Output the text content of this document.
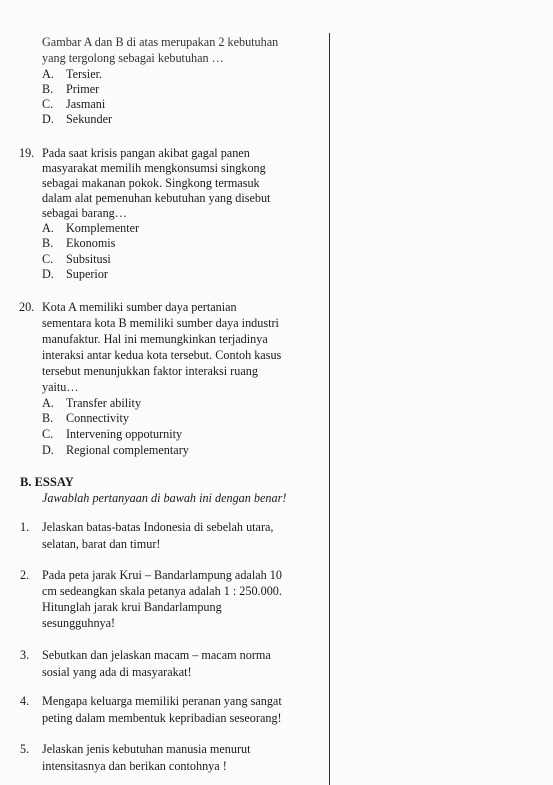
Gambar A dan B di atas merupakan 2 kebutuhan
yang tergolong sebagai kebutuhan …
A. Tersier.
B. Primer
C. Jasmani
D. Sekunder
19. Pada saat krisis pangan akibat gagal panen
masyarakat memilih mengkonsumsi singkong
sebagai makanan pokok. Singkong termasuk
dalam alat pemenuhan kebutuhan yang disebut
sebagai barang…
A. Komplementer
B. Ekonomis
C. Subsitusi
D. Superior
20. Kota A memiliki sumber daya pertanian
sementara kota B memiliki sumber daya industri
manufaktur. Hal ini memungkinkan terjadinya
interaksi antar kedua kota tersebut. Contoh kasus
tersebut menunjukkan faktor interaksi ruang
yaitu…
A. Transfer ability
B. Connectivity
C. Intervening oppoturnity
D. Regional complementary
B. ESSAY
Jawablah pertanyaan di bawah ini dengan benar!
1. Jelaskan batas-batas Indonesia di sebelah utara,
selatan, barat dan timur!
2. Pada peta jarak Krui – Bandarlampung adalah 10
cm sedeangkan skala petanya adalah 1 : 250.000.
Hitunglah jarak krui Bandarlampung
sesungguhnya!
3. Sebutkan dan jelaskan macam – macam norma
sosial yang ada di masyarakat!
4. Mengapa keluarga memiliki peranan yang sangat
peting dalam membentuk kepribadian seseorang!
5. Jelaskan jenis kebutuhan manusia menurut
intensitasnya dan berikan contohnya !
